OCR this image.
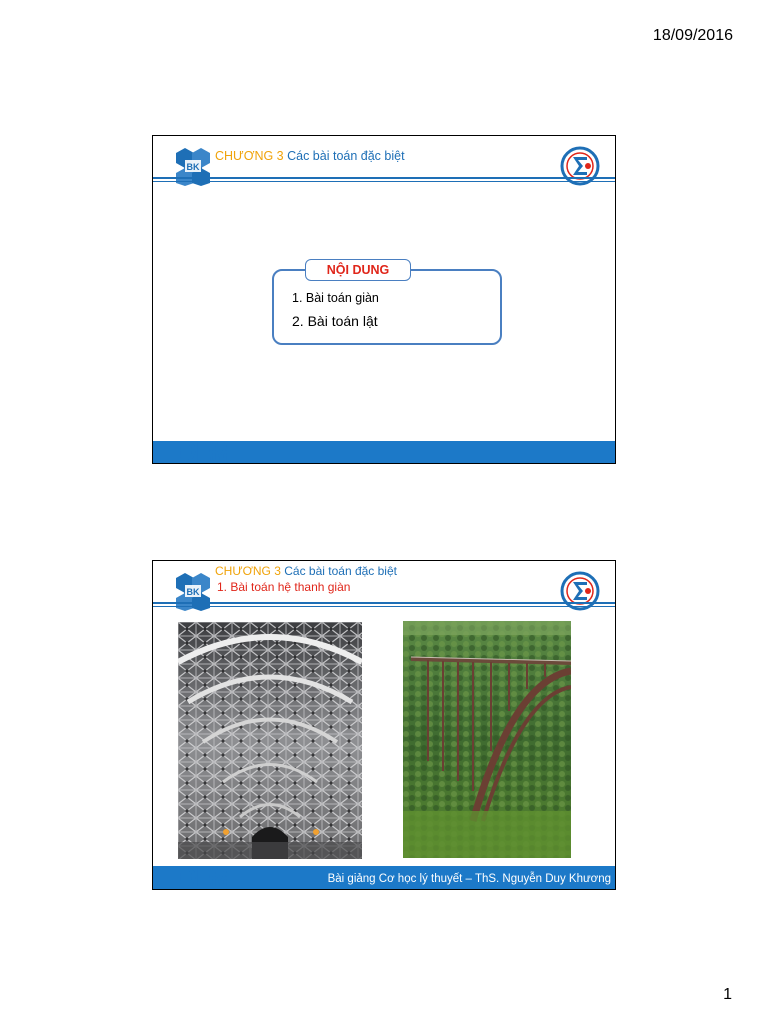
18/09/2016
BK
CHƯƠNG 3 Các bài toán đặc biệt
NỘI DUNG
1. Bài toán giàn
2. Bài toán lật
DEM
BK
CHƯƠNG 3 Các bài toán đặc biệt
1. Bài toán hệ thanh giàn
DEM	Bài giảng Cơ học lý thuyết – ThS. Nguyễn Duy Khương
1
